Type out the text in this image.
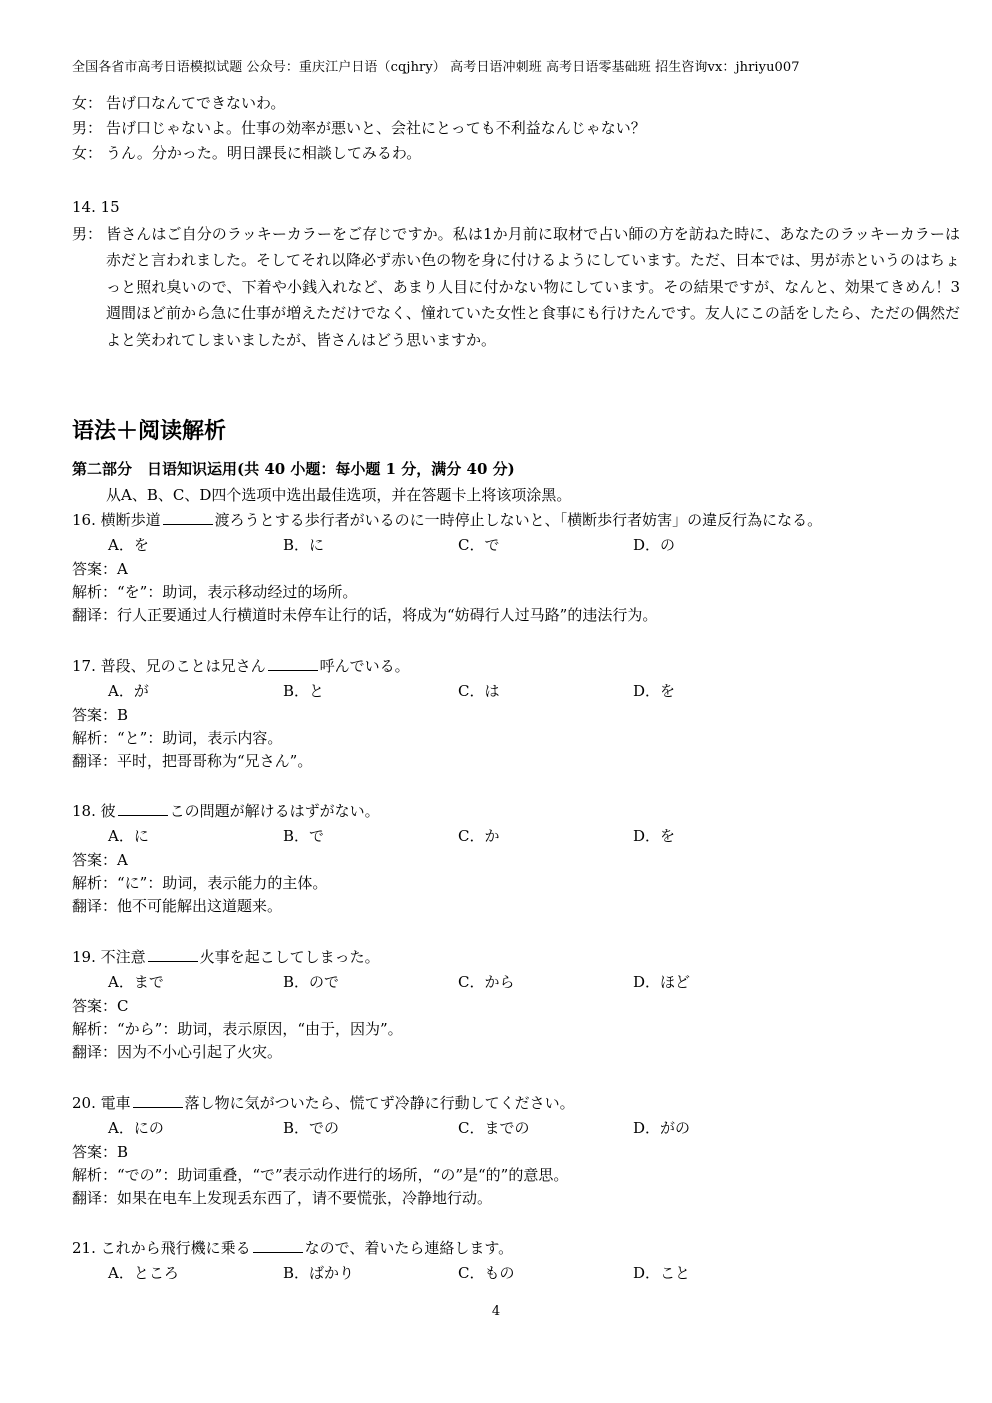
全国各省市高考日语模拟试题 公众号：重庆江户日语（cqjhry） 高考日语冲刺班 高考日语零基础班 招生咨询vx：jhriyu007
女： 告げ口なんてできないわ。
男： 告げ口じゃないよ。仕事の効率が悪いと、会社にとっても不利益なんじゃない？
女： うん。分かった。明日課長に相談してみるわ。
14. 15
男： 皆さんはご自分のラッキーカラーをご存じですか。私は1か月前に取材で占い師の方を訪ねた時に、あなたのラッキーカラーは赤だと言われました。そしてそれ以降必ず赤い色の物を身に付けるようにしています。ただ、日本では、男が赤というのはちょっと照れ臭いので、下着や小銭入れなど、あまり人目に付かない物にしています。その結果ですが、なんと、効果てきめん！3週間ほど前から急に仕事が増えただけでなく、憧れていた女性と食事にも行けたんです。友人にこの話をしたら、ただの偶然だよと笑われてしまいましたが、皆さんはどう思いますか。
语法＋阅读解析
第二部分　日语知识运用(共 40 小题：每小题 1 分，满分 40 分)
从A、B、C、D四个选项中选出最佳选项，并在答题卡上将该项涂黑。
16. 横断歩道	渡ろうとする歩行者がいるのに一時停止しないと、「横断歩行者妨害」の違反行為になる。
A．を	B．に	C．で	D．の
答案：A
解析：“を”：助词，表示移动经过的场所。
翻译：行人正要通过人行横道时未停车让行的话，将成为“妨碍行人过马路”的违法行为。
17. 普段、兄のことは兄さん	呼んでいる。
A．が	B．と	C．は	D．を
答案：B
解析：“と”：助词，表示内容。
翻译：平时，把哥哥称为“兄さん”。
18. 彼	この問題が解けるはずがない。
A．に	B．で	C．か	D．を
答案：A
解析：“に”：助词，表示能力的主体。
翻译：他不可能解出这道题来。
19. 不注意	火事を起こしてしまった。
A．まで	B．ので	C．から	D．ほど
答案：C
解析：“から”：助词，表示原因，“由于，因为”。
翻译：因为不小心引起了火灾。
20. 電車	落し物に気がついたら、慌てず冷静に行動してください。
A．にの	B．での	C．までの	D．がの
答案：B
解析：“での”：助词重叠，“で”表示动作进行的场所，“の”是“的”的意思。
翻译：如果在电车上发现丢东西了，请不要慌张，冷静地行动。
21. これから飛行機に乗る	なので、着いたら連絡します。
A．ところ	B．ばかり	C．もの	D．こと
4
